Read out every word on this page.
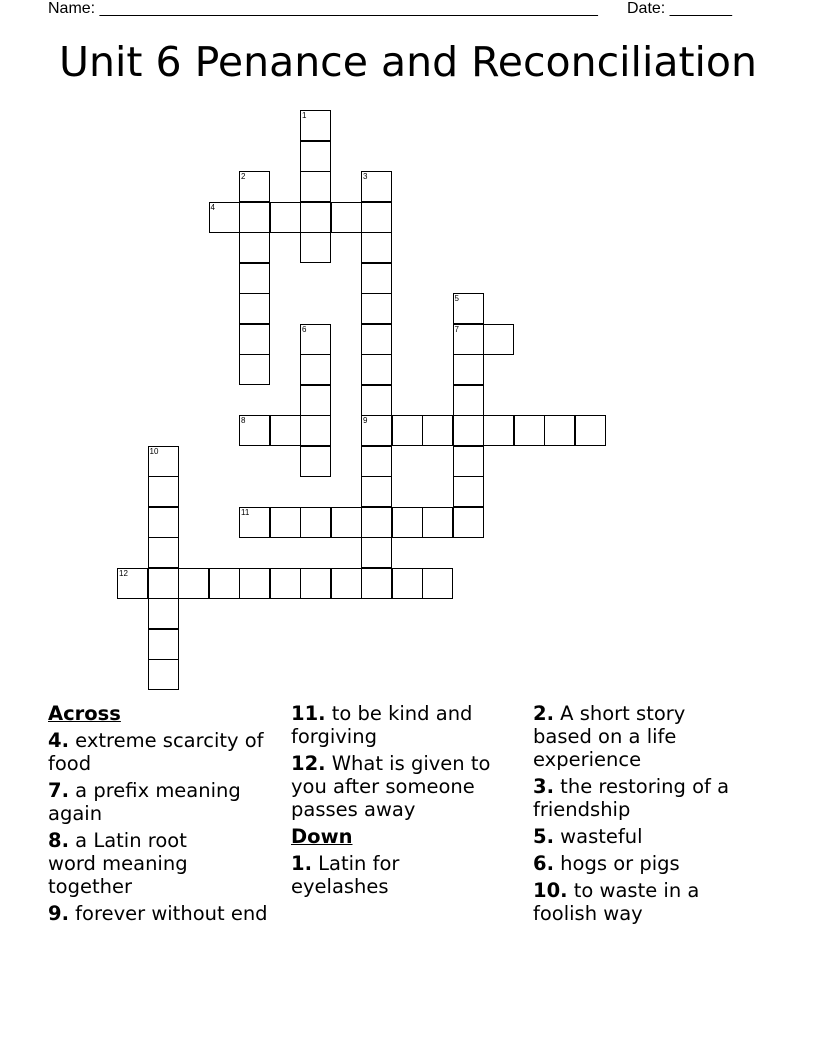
Name: ________________________________________________________ Date: _______
Unit 6 Penance and Reconciliation
1
2	3
9
4
5
7
6
8
10
11
12
Across
4. extreme scarcity of food
7. a prefix meaning again
8. a Latin root word meaning together
9. forever without end
11. to be kind and forgiving
12. What is given to you after someone passes away
Down
1. Latin for eyelashes
2. A short story based on a life experience
3. the restoring of a friendship
5. wasteful
6. hogs or pigs
10. to waste in a foolish way
